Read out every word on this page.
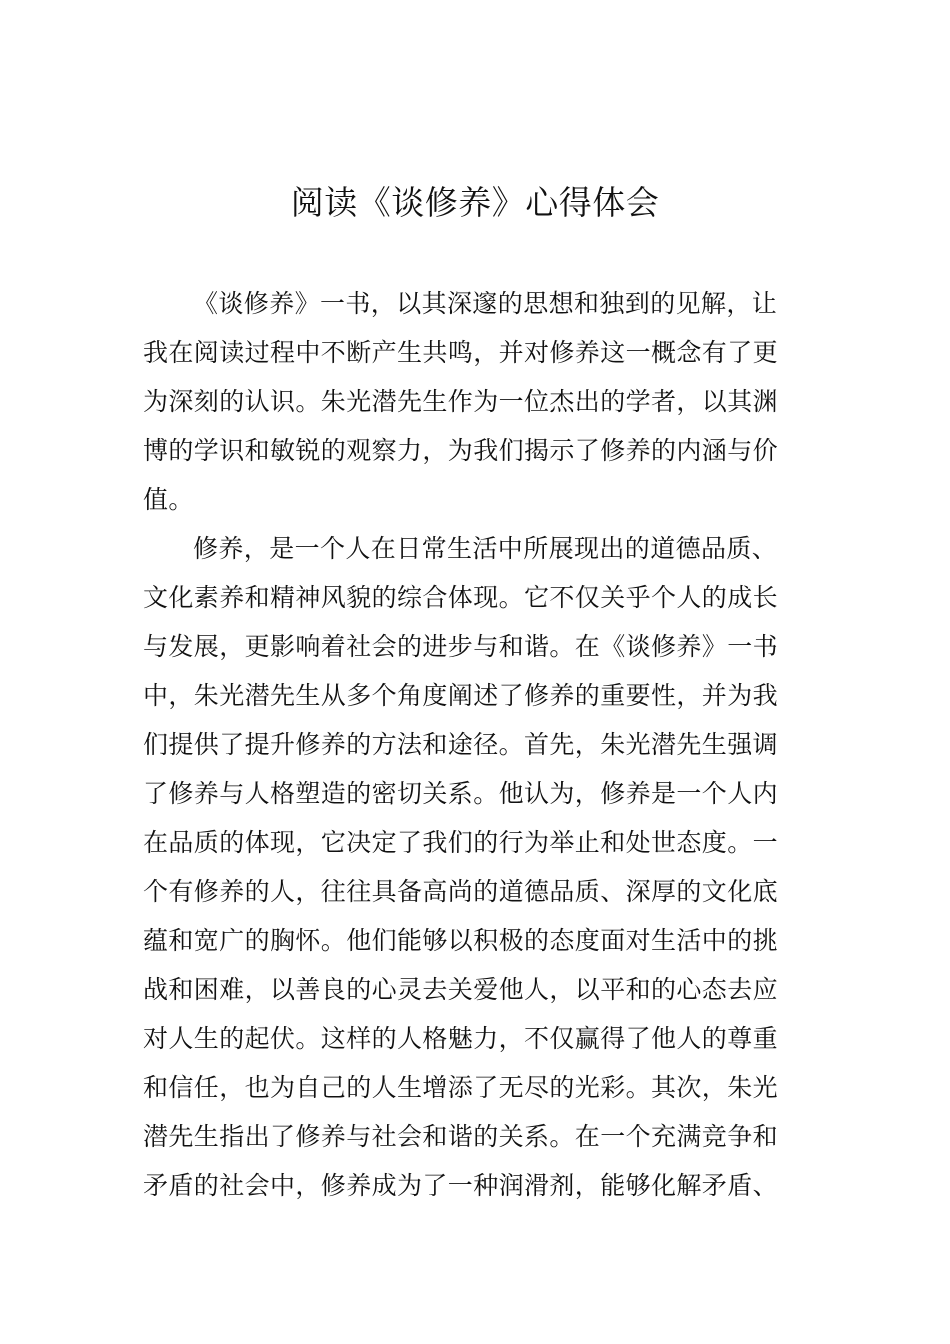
阅读《谈修养》心得体会

《谈修养》一书，以其深邃的思想和独到的见解，让
我在阅读过程中不断产生共鸣，并对修养这一概念有了更
为深刻的认识。朱光潜先生作为一位杰出的学者，以其渊
博的学识和敏锐的观察力，为我们揭示了修养的内涵与价
值。

修养，是一个人在日常生活中所展现出的道德品质、
文化素养和精神风貌的综合体现。它不仅关乎个人的成长
与发展，更影响着社会的进步与和谐。在《谈修养》一书
中，朱光潜先生从多个角度阐述了修养的重要性，并为我
们提供了提升修养的方法和途径。首先，朱光潜先生强调
了修养与人格塑造的密切关系。他认为，修养是一个人内
在品质的体现，它决定了我们的行为举止和处世态度。一
个有修养的人，往往具备高尚的道德品质、深厚的文化底
蕴和宽广的胸怀。他们能够以积极的态度面对生活中的挑
战和困难，以善良的心灵去关爱他人，以平和的心态去应
对人生的起伏。这样的人格魅力，不仅赢得了他人的尊重
和信任，也为自己的人生增添了无尽的光彩。其次，朱光
潜先生指出了修养与社会和谐的关系。在一个充满竞争和
矛盾的社会中，修养成为了一种润滑剂，能够化解矛盾、
